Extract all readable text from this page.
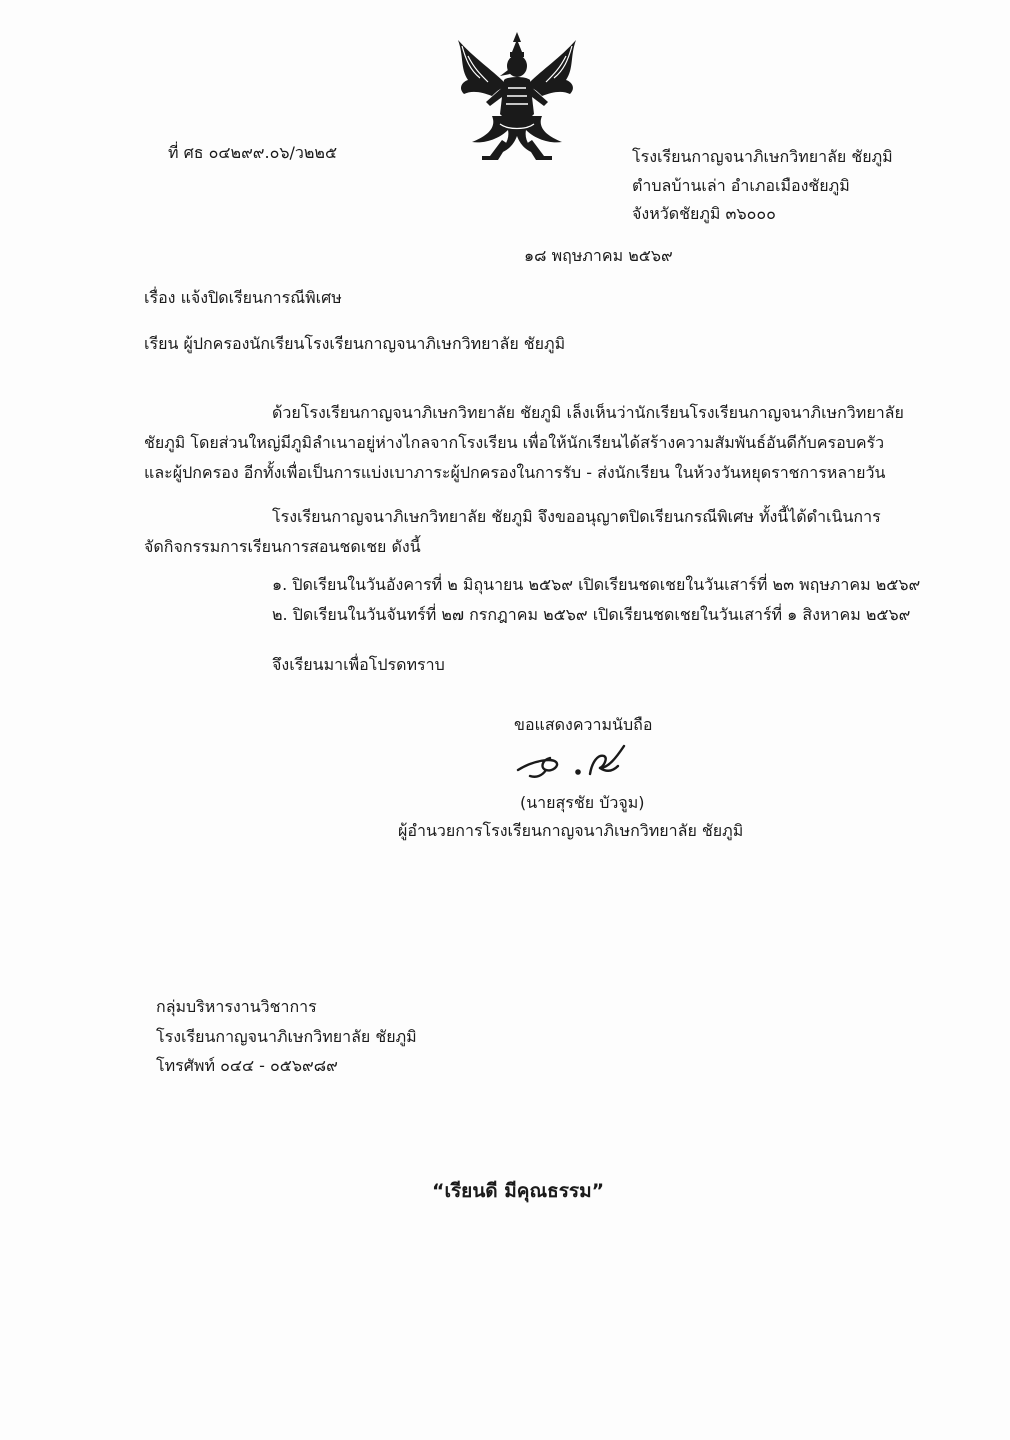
ที่ ศธ ๐๔๒๙๙.๐๖/ว๒๒๕	โรงเรียนกาญจนาภิเษกวิทยาลัย ชัยภูมิ
ตำบลบ้านเล่า อำเภอเมืองชัยภูมิ
จังหวัดชัยภูมิ ๓๖๐๐๐
๑๘ พฤษภาคม ๒๕๖๙
เรื่อง แจ้งปิดเรียนการณีพิเศษ
เรียน ผู้ปกครองนักเรียนโรงเรียนกาญจนาภิเษกวิทยาลัย ชัยภูมิ
ด้วยโรงเรียนกาญจนาภิเษกวิทยาลัย ชัยภูมิ เล็งเห็นว่านักเรียนโรงเรียนกาญจนาภิเษกวิทยาลัย
ชัยภูมิ โดยส่วนใหญ่มีภูมิลำเนาอยู่ห่างไกลจากโรงเรียน เพื่อให้นักเรียนได้สร้างความสัมพันธ์อันดีกับครอบครัว
และผู้ปกครอง อีกทั้งเพื่อเป็นการแบ่งเบาภาระผู้ปกครองในการรับ - ส่งนักเรียน ในห้วงวันหยุดราชการหลายวัน
โรงเรียนกาญจนาภิเษกวิทยาลัย ชัยภูมิ จึงขออนุญาตปิดเรียนกรณีพิเศษ ทั้งนี้ได้ดำเนินการ
จัดกิจกรรมการเรียนการสอนชดเชย ดังนี้
๑. ปิดเรียนในวันอังคารที่ ๒ มิถุนายน ๒๕๖๙ เปิดเรียนชดเชยในวันเสาร์ที่ ๒๓ พฤษภาคม ๒๕๖๙
๒. ปิดเรียนในวันจันทร์ที่ ๒๗ กรกฎาคม ๒๕๖๙ เปิดเรียนชดเชยในวันเสาร์ที่ ๑ สิงหาคม ๒๕๖๙
จึงเรียนมาเพื่อโปรดทราบ
ขอแสดงความนับถือ
(นายสุรชัย บัวจูม)
ผู้อำนวยการโรงเรียนกาญจนาภิเษกวิทยาลัย ชัยภูมิ
กลุ่มบริหารงานวิชาการ
โรงเรียนกาญจนาภิเษกวิทยาลัย ชัยภูมิ
โทรศัพท์ ๐๔๔ - ๐๕๖๙๘๙
“เรียนดี มีคุณธรรม”
